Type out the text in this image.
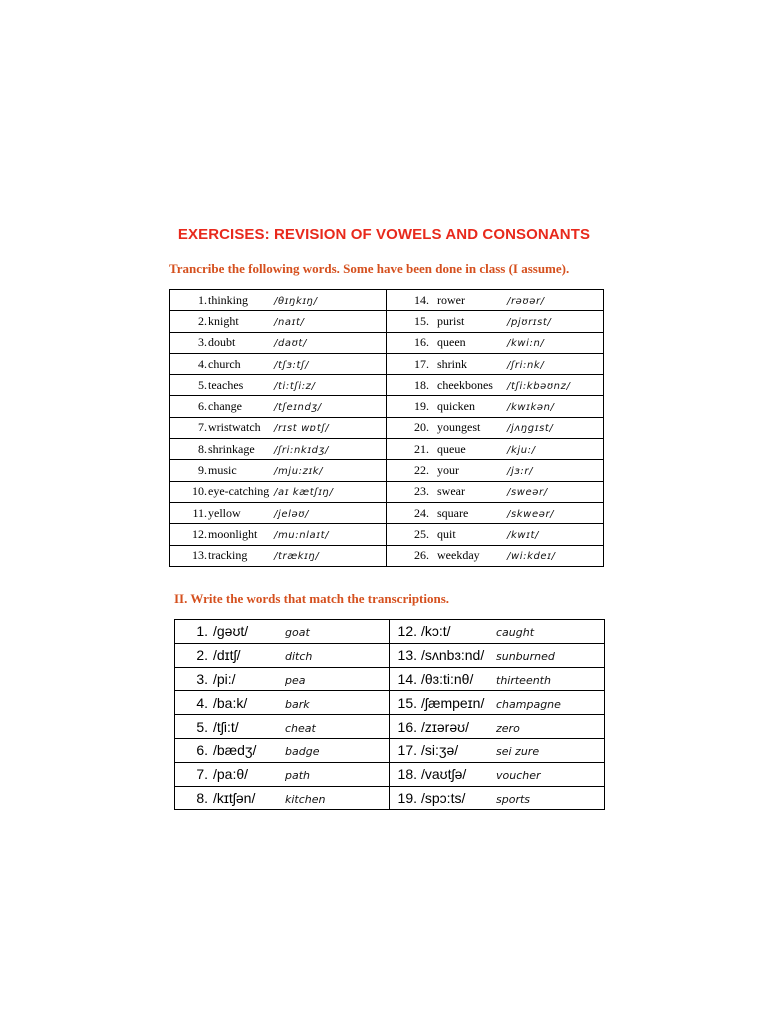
EXERCISES: REVISION OF VOWELS AND CONSONANTS
Trancribe the following words. Some have been done in class (I assume).
1.thinking /θɪŋkɪŋ/	14. rower /rəʊər/
2.knight /naɪt/	15. purist /pjʊrɪst/
3.doubt /daʊt/	16. queen /kwi:n/
4.church /tʃɜ:tʃ/	17. shrink /ʃri:nk/
5.teaches /ti:tʃi:z/	18. cheekbones /tʃi:kbəʊnz/
6.change /tʃeɪndʒ/	19. quicken /kwɪkən/
7.wristwatch /rɪst wɒtʃ/	20. youngest /jʌŋgɪst/
8.shrinkage /ʃri:nkɪdʒ/	21. queue /kju:/
9.music /mju:zɪk/	22. your /jɜ:r/
10.eye-catching /aɪ kætʃɪŋ/	23. swear /sweər/
11.yellow /jeləʊ/	24. square /skweər/
12.moonlight /mu:nlaɪt/	25. quit /kwɪt/
13.tracking /trækɪŋ/	26. weekday /wi:kdeɪ/
II. Write the words that match the transcriptions.
1. /gəʊt/ goat	12. /kɔ:t/ caught
2. /dɪtʃ/ ditch	13. /sʌnbɜ:nd/ sunburned
3. /pi:/ pea	14. /θɜ:ti:nθ/ thirteenth
4. /ba:k/ bark	15. /ʃæmpeɪn/ champagne
5. /tʃi:t/ cheat	16. /zɪərəʊ/ zero
6. /bædʒ/ badge	17. /si:ʒə/ sei zure
7. /pa:θ/ path	18. /vaʊtʃə/ voucher
8. /kɪtʃən/ kitchen	19. /spɔ:ts/ sports
